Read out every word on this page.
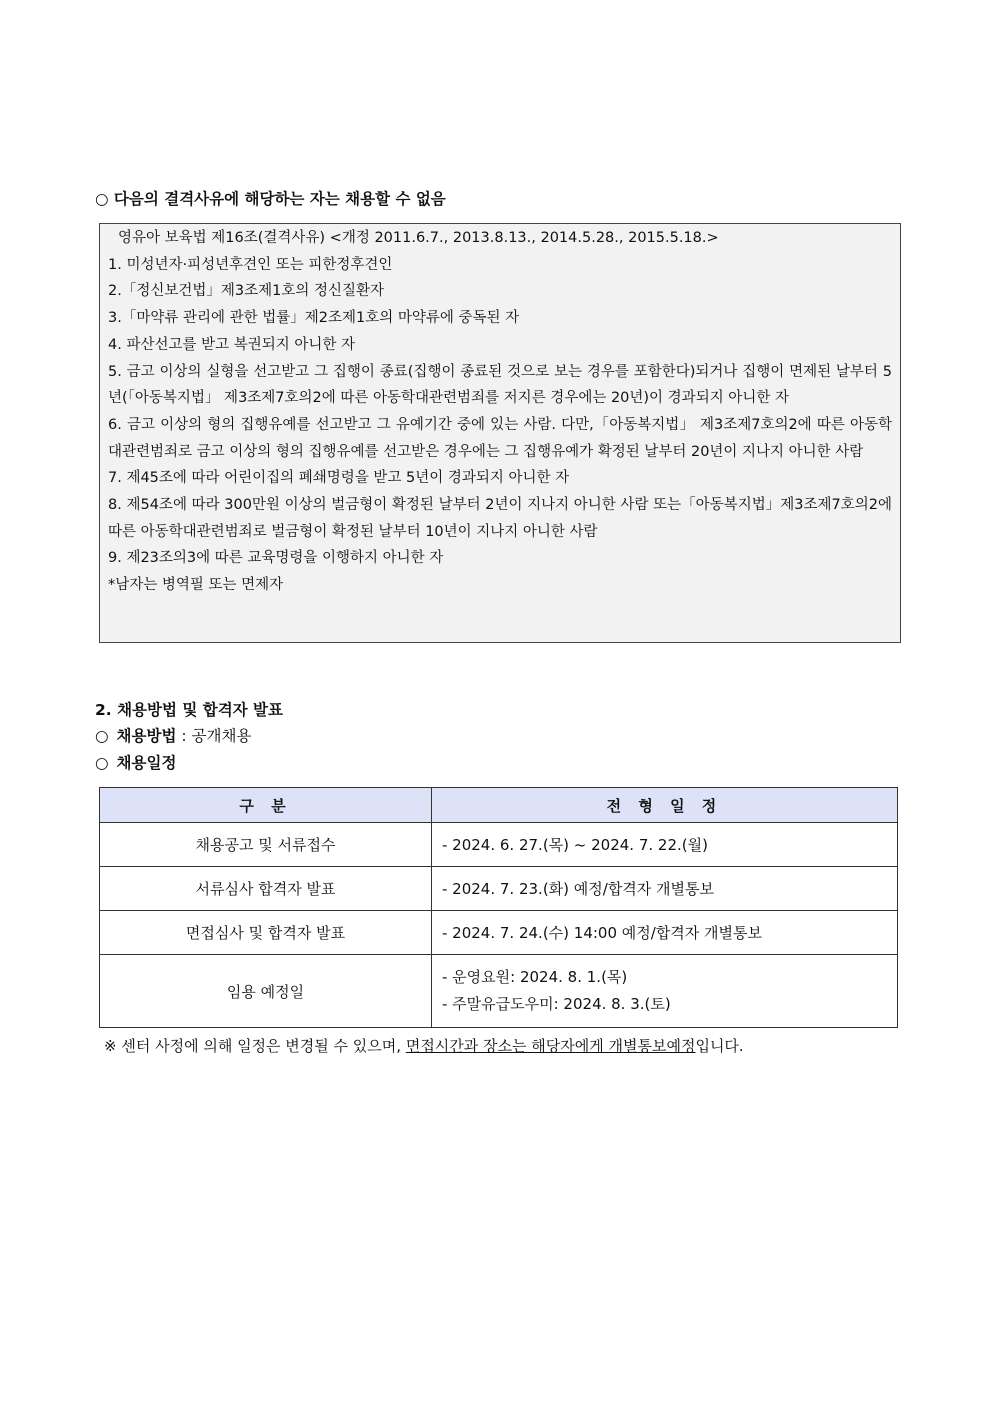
○ 다음의 결격사유에 해당하는 자는 채용할 수 없음
영유아 보육법 제16조(결격사유) <개정 2011.6.7., 2013.8.13., 2014.5.28., 2015.5.18.>
1. 미성년자·피성년후견인 또는 피한정후견인
2.「정신보건법」제3조제1호의 정신질환자
3.「마약류 관리에 관한 법률」제2조제1호의 마약류에 중독된 자
4. 파산선고를 받고 복권되지 아니한 자
5. 금고 이상의 실형을 선고받고 그 집행이 종료(집행이 종료된 것으로 보는 경우를 포함한다)되거나 집행이 면제된 날부터 5년(「아동복지법」 제3조제7호의2에 따른 아동학대관련범죄를 저지른 경우에는 20년)이 경과되지 아니한 자
6. 금고 이상의 형의 집행유예를 선고받고 그 유예기간 중에 있는 사람. 다만,「아동복지법」 제3조제7호의2에 따른 아동학대관련범죄로 금고 이상의 형의 집행유예를 선고받은 경우에는 그 집행유예가 확정된 날부터 20년이 지나지 아니한 사람
7. 제45조에 따라 어린이집의 폐쇄명령을 받고 5년이 경과되지 아니한 자
8. 제54조에 따라 300만원 이상의 벌금형이 확정된 날부터 2년이 지나지 아니한 사람 또는「아동복지법」제3조제7호의2에 따른 아동학대관련범죄로 벌금형이 확정된 날부터 10년이 지나지 아니한 사람
9. 제23조의3에 따른 교육명령을 이행하지 아니한 자
*남자는 병역필 또는 면제자
2. 채용방법 및 합격자 발표
○ 채용방법 : 공개채용
○ 채용일정
구 분	전 형 일 정
채용공고 및 서류접수	- 2024. 6. 27.(목) ~ 2024. 7. 22.(월)
서류심사 합격자 발표	- 2024. 7. 23.(화) 예정/합격자 개별통보
면접심사 및 합격자 발표	- 2024. 7. 24.(수) 14:00 예정/합격자 개별통보
임용 예정일	- 운영요원: 2024. 8. 1.(목)
- 주말유급도우미: 2024. 8. 3.(토)
※ 센터 사정에 의해 일정은 변경될 수 있으며, 면접시간과 장소는 해당자에게 개별통보예정입니다.
